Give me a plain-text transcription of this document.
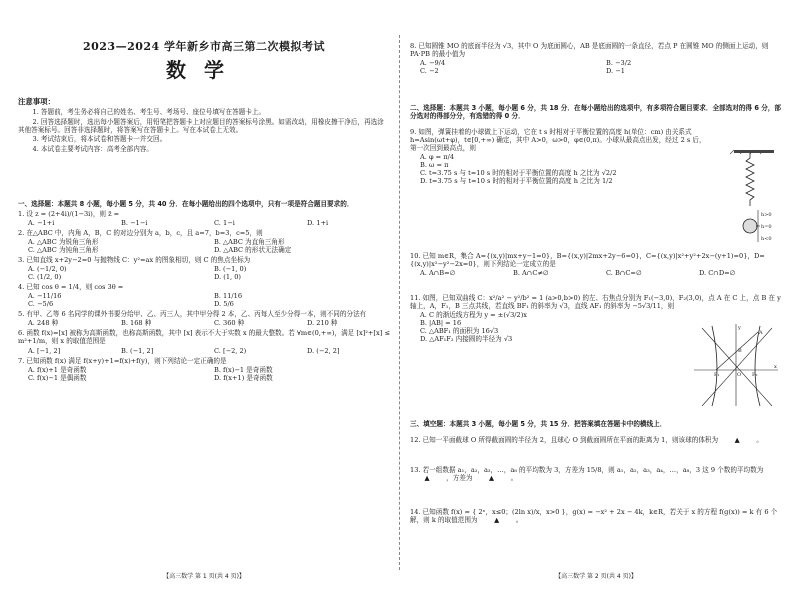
2023—2024 学年新乡市高三第二次模拟考试
数学
注意事项：

1. 答题前，考生务必将自己的姓名、考生号、考场号、座位号填写在答题卡上。

2. 回答选择题时，选出每小题答案后，用铅笔把答题卡上对应题目的答案标号涂黑。如需改动，用橡皮擦干净后，再选涂其他答案标号。回答非选择题时，将答案写在答题卡上。写在本试卷上无效。

3. 考试结束后，将本试卷和答题卡一并交回。

4. 本试卷主要考试内容：高考全部内容。

一、选择题：本题共 8 小题，每小题 5 分，共 40 分．在每小题给出的四个选项中，只有一项是符合题目要求的．
1. 设 z = (2+4i)/(1−3i)，则 z̄ =
A. −1+i	B. −1−i	C. 1−i	D. 1+i
2. 在△ABC 中，内角 A，B，C 的对边分别为 a，b，c，且 a=7，b=3，c=5，则
A. △ABC 为锐角三角形	B. △ABC 为直角三角形
C. △ABC 为钝角三角形	D. △ABC 的形状无法确定
3. 已知直线 x+2y−2=0 与抛物线 C：y²=ax 的图象相切，则 C 的焦点坐标为
A. (−1/2, 0)	B. (−1, 0)
C. (1/2, 0)	D. (1, 0)
4. 已知 cos θ = 1/4，则 cos 3θ =
A. −11/16	B. 11/16
C. −5/6	D. 5/6
5. 有甲、乙等 6 名同学的课外书要分给甲、乙、丙三人，其中甲分得 2 本，乙、丙每人至少分得一本，则不同的分法有
A. 248 种	B. 168 种	C. 360 种	D. 210 种
6. 函数 f(x)=[x] 被称为高斯函数，也称高斯函数，其中 [x] 表示不大于实数 x 的最大整数。若 ∀m∈(0,+∞)，满足 [x]²+[x] ≤ m²+1/m，则 x 的取值范围是
A. [−1, 2]	B. (−1, 2]	C. [−2, 2)	D. (−2, 2]
7. 已知函数 f(x) 满足 f(x+y)+1=f(x)+f(y)，则下列结论一定正确的是
A. f(x)+1 是奇函数	B. f(x)−1 是奇函数
C. f(x)−1 是偶函数	D. f(x+1) 是奇函数
【高三数学 第 1 页(共 4 页)】
8. 已知圆锥 MO 的底面半径为 √3，其中 O 为底面圆心，AB 是底面圆的一条直径，若点 P 在圆锥 MO 的侧面上运动，则 PA·PB 的最小值为
A. −9/4	B. −3/2
C. −2	D. −1
二、选择题：本题共 3 小题，每小题 6 分，共 18 分．在每小题给出的选项中，有多项符合题目要求．全部选对的得 6 分，部分选对的得部分分，有选错的得 0 分．
9. 如图，弹簧挂着的小球做上下运动，它在 t s 时相对于平衡位置的高度 h(单位：cm) 由关系式 h=Asin(ωt+φ)，t∈[0,+∞) 确定，其中 A>0，ω>0，φ∈(0,π)。小球从最高点出发，经过 2 s 后，第一次回到最高点，则
A. φ = π/4
B. ω = π
C. t=3.75 s 与 t=10 s 时的相对于平衡位置的高度 h 之比为 √2/2
D. t=3.75 s 与 t=10 s 时的相对于平衡位置的高度 h 之比为 1/2
h>0
h=0
h<0
10. 已知 m∈R，集合 A={(x,y)|mx+y−1=0}，B={(x,y)|2mx+2y−6=0}，C={(x,y)|x²+y²+2x−(y+1)=0}，D={(x,y)|x²−y²−2x=0}，则下列结论一定成立的是
A. A∩B=∅	B. A∩C≠∅	C. B∩C=∅	D. C∩D=∅
11. 如图，已知双曲线 C：x²/a² − y²/b² = 1 (a>0,b>0) 的左、右焦点分别为 F₁(−3,0)，F₂(3,0)，点 A 在 C 上，点 B 在 y 轴上，A，F₁，B 三点共线，若直线 BF₁ 的斜率为 √3，直线 AF₁ 的斜率为 −5√3/11，则
A. C 的渐近线方程为 y = ±(√3/2)x
B. |AB| = 16
C. △ABF₁ 的面积为 16√3
D. △AF₁F₂ 内接圆的半径为 √3
y
x
O
F₁	F₂
A
B
三、填空题：本题共 3 小题，每小题 5 分，共 15 分．把答案填在答题卡中的横线上．
12. 已知一平面截球 O 所得截面圆的半径为 2，且球心 O 到截面圆所在平面的距离为 1，则该球的体积为	▲	。
13. 若一组数据 a₁，a₂，a₃，…，a₈ 的平均数为 3，方差为 15/8，则 a₁，a₂，a₃，a₄，…，a₈，3 这 9 个数的平均数为 ▲	，方差为	▲	。
14. 已知函数 f(x) = { 2ˣ，x≤0；(2ln x)/x，x>0 }，g(x) = −x² + 2x − 4k，k∈R，若关于 x 的方程 f(g(x)) = k 有 6 个解，则 k 的取值范围为	▲	。
【高三数学 第 2 页(共 4 页)】
